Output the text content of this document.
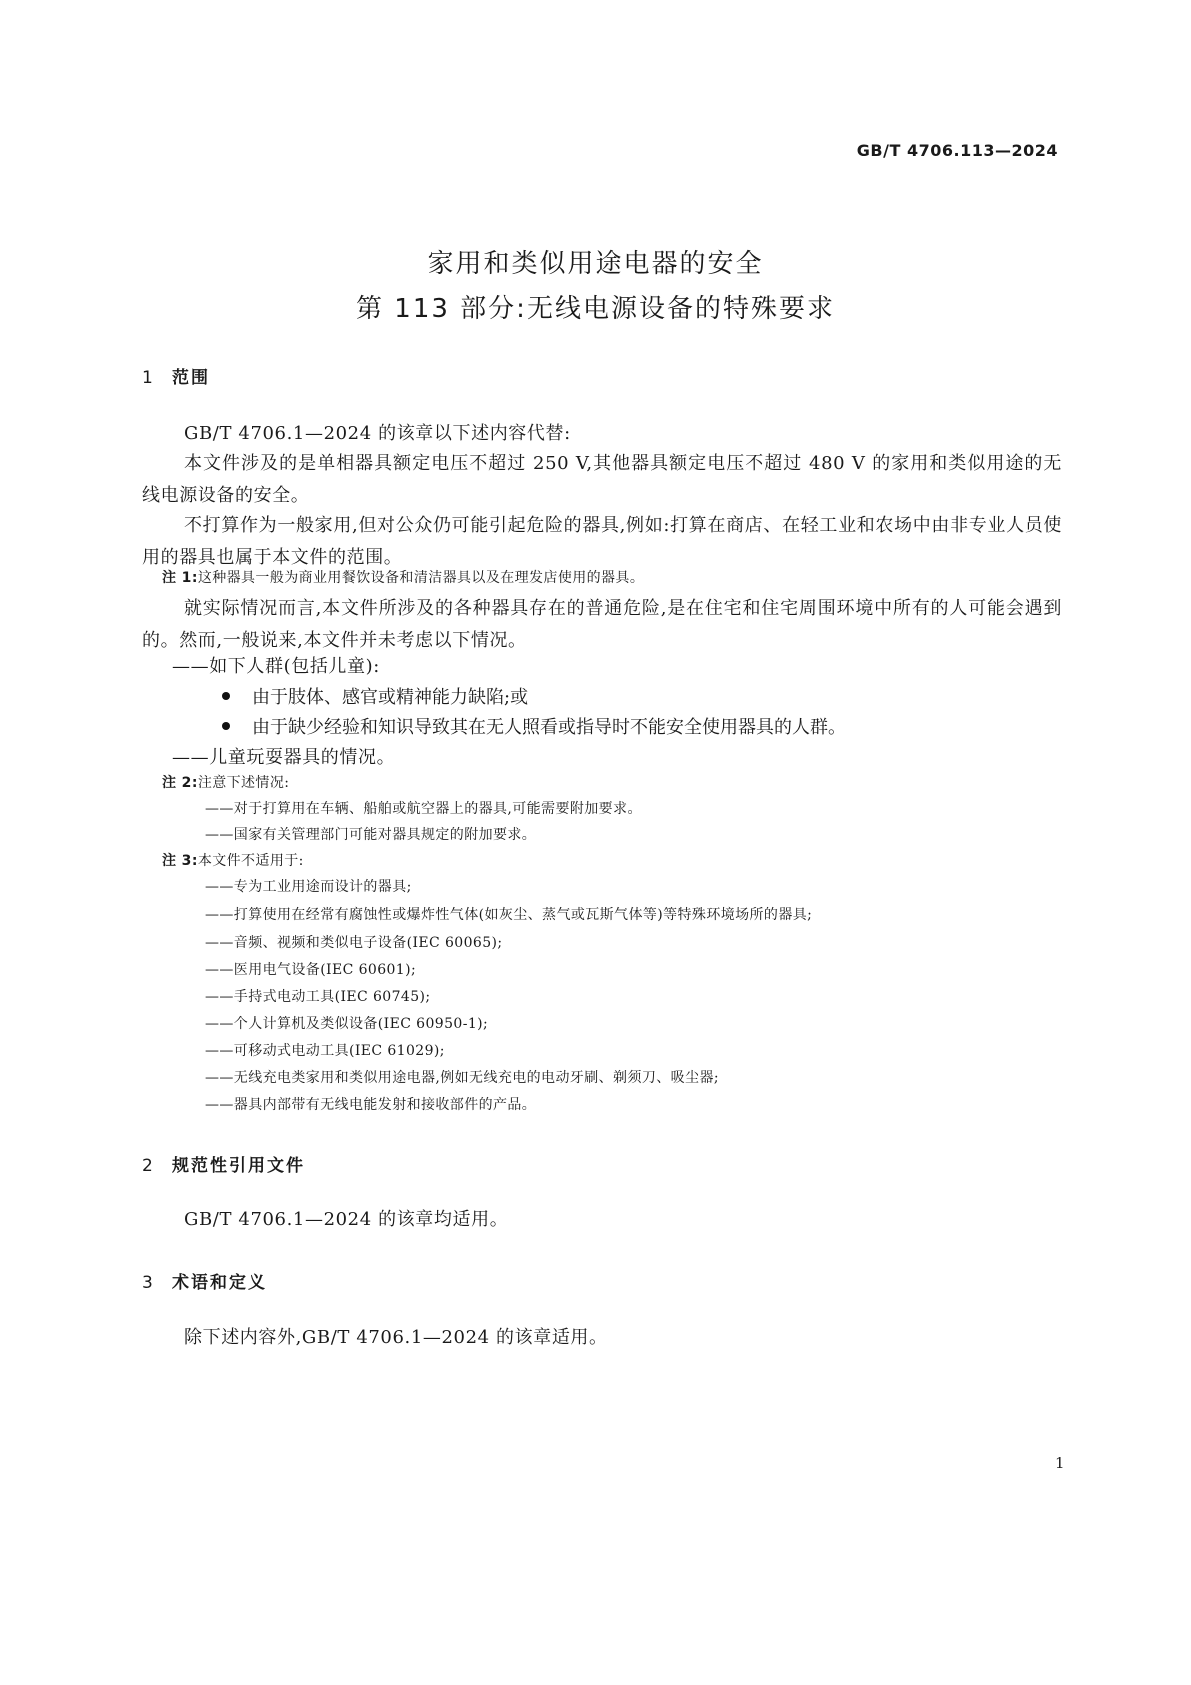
GB/T 4706.113—2024
家用和类似用途电器的安全
第 113 部分:无线电源设备的特殊要求
1 范围
GB/T 4706.1—2024 的该章以下述内容代替:
本文件涉及的是单相器具额定电压不超过 250 V,其他器具额定电压不超过 480 V 的家用和类似用途的无线电源设备的安全。
不打算作为一般家用,但对公众仍可能引起危险的器具,例如:打算在商店、在轻工业和农场中由非专业人员使用的器具也属于本文件的范围。
注 1:这种器具一般为商业用餐饮设备和清洁器具以及在理发店使用的器具。
就实际情况而言,本文件所涉及的各种器具存在的普通危险,是在住宅和住宅周围环境中所有的人可能会遇到的。然而,一般说来,本文件并未考虑以下情况。
——如下人群(包括儿童):
由于肢体、感官或精神能力缺陷;或
由于缺少经验和知识导致其在无人照看或指导时不能安全使用器具的人群。
——儿童玩耍器具的情况。
注 2:注意下述情况:
——对于打算用在车辆、船舶或航空器上的器具,可能需要附加要求。
——国家有关管理部门可能对器具规定的附加要求。
注 3:本文件不适用于:
——专为工业用途而设计的器具;
——打算使用在经常有腐蚀性或爆炸性气体(如灰尘、蒸气或瓦斯气体等)等特殊环境场所的器具;
——音频、视频和类似电子设备(IEC 60065);
——医用电气设备(IEC 60601);
——手持式电动工具(IEC 60745);
——个人计算机及类似设备(IEC 60950-1);
——可移动式电动工具(IEC 61029);
——无线充电类家用和类似用途电器,例如无线充电的电动牙刷、剃须刀、吸尘器;
——器具内部带有无线电能发射和接收部件的产品。
2 规范性引用文件
GB/T 4706.1—2024 的该章均适用。
3 术语和定义
除下述内容外,GB/T 4706.1—2024 的该章适用。
1
